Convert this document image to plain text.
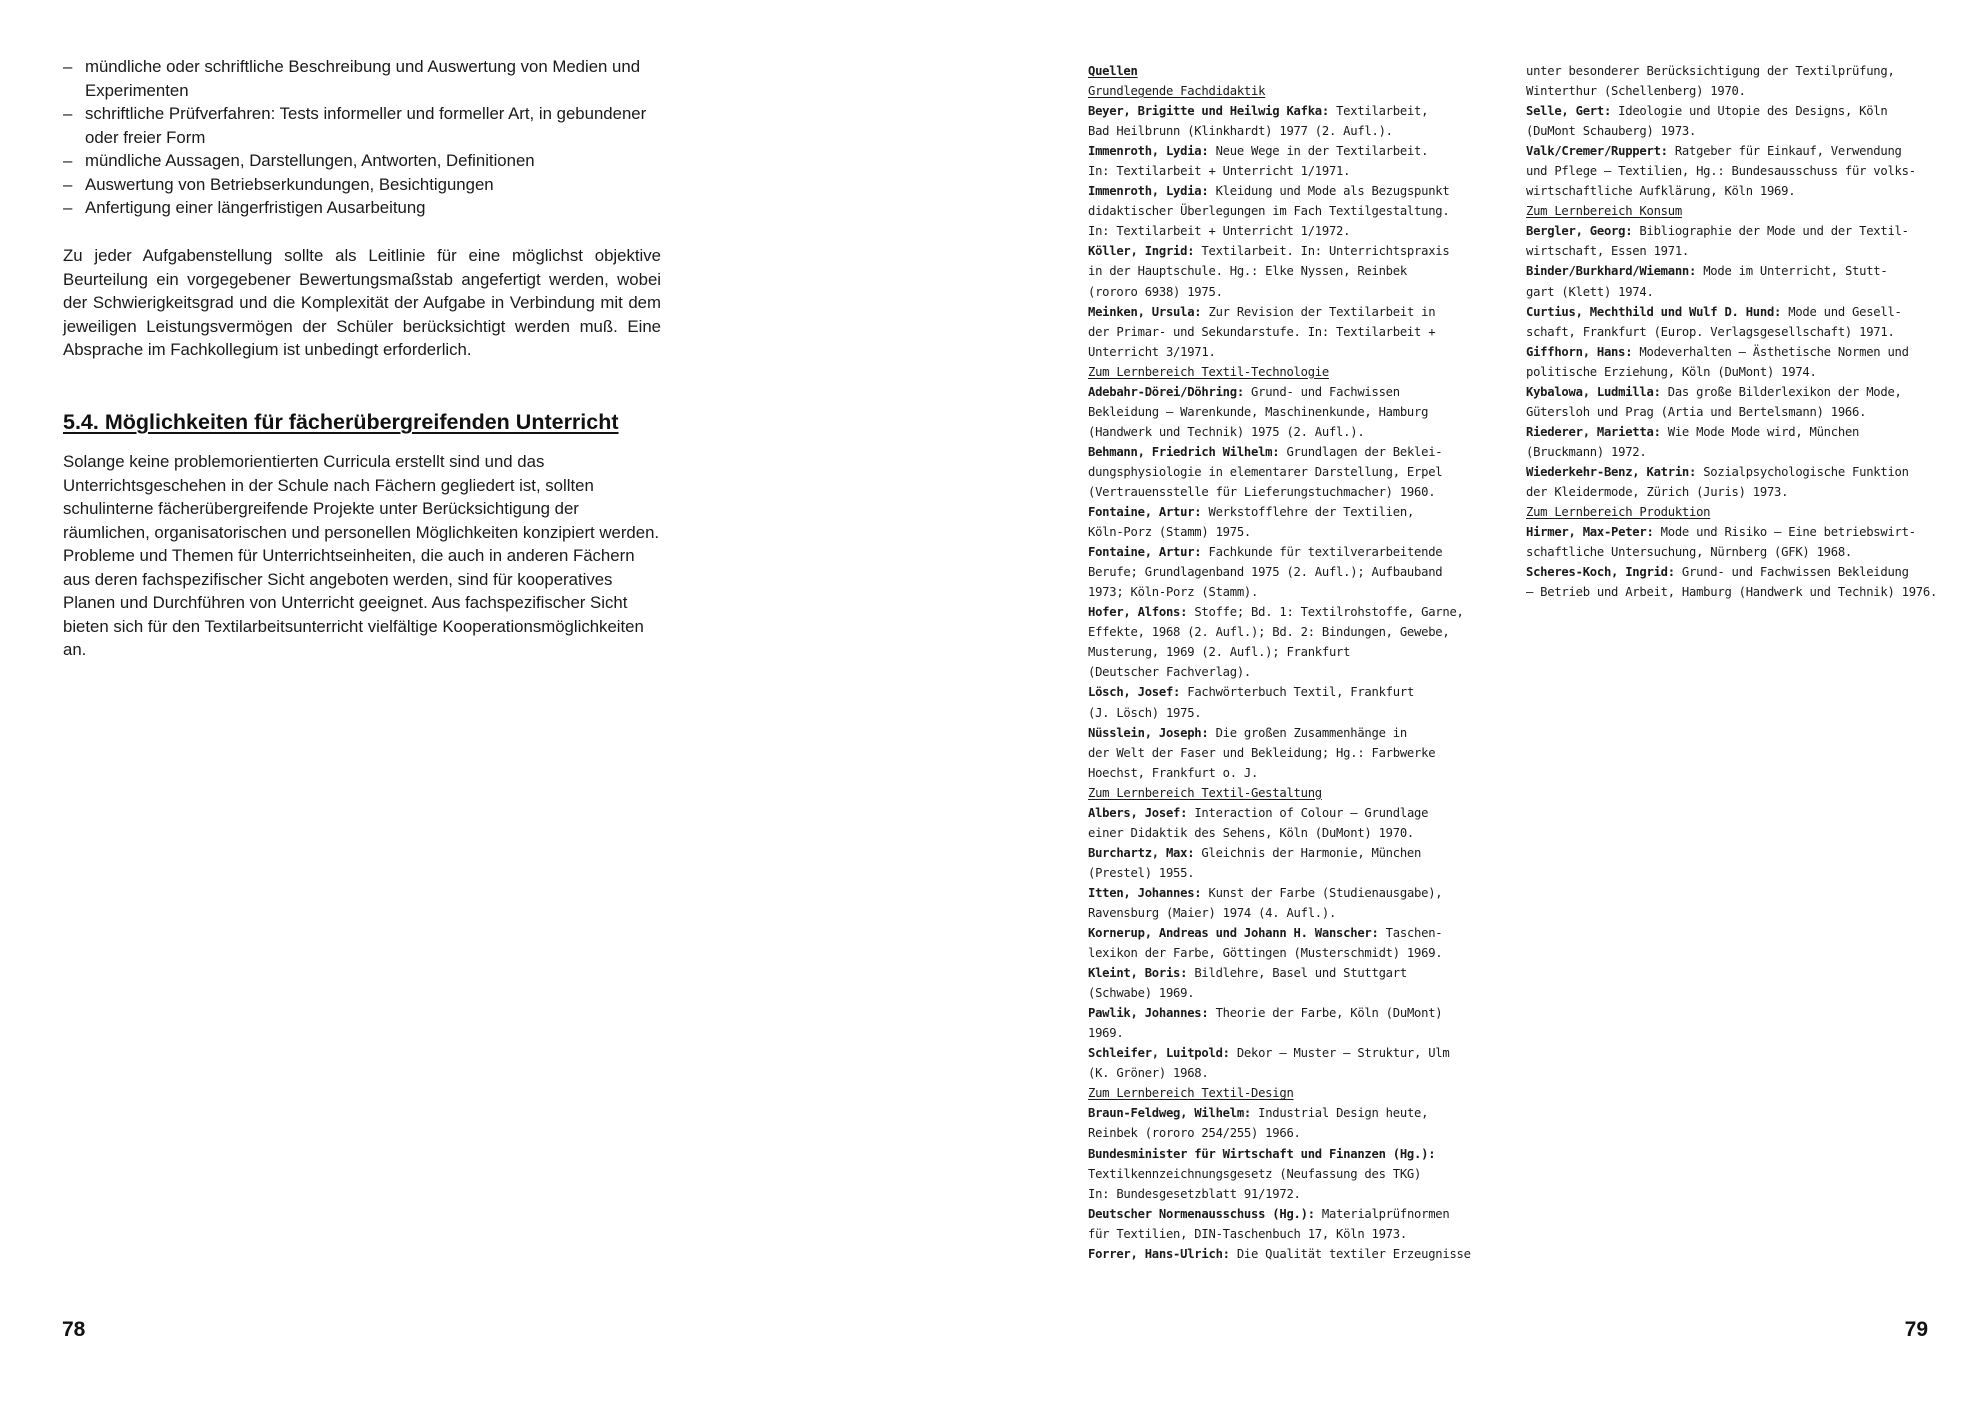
– mündliche oder schriftliche Beschreibung und Auswertung von Medien und Experimenten
– schriftliche Prüfverfahren: Tests informeller und formeller Art, in gebundener oder freier Form
– mündliche Aussagen, Darstellungen, Antworten, Definitionen
– Auswertung von Betriebserkundungen, Besichtigungen
– Anfertigung einer längerfristigen Ausarbeitung
Zu jeder Aufgabenstellung sollte als Leitlinie für eine möglichst objektive Beurteilung ein vorgegebener Bewertungsmaßstab angefertigt werden, wobei der Schwierigkeitsgrad und die Komplexität der Aufgabe in Verbindung mit dem jeweiligen Leistungsvermögen der Schüler berücksichtigt werden muß. Eine Absprache im Fachkollegium ist unbedingt erforderlich.
5.4. Möglichkeiten für fächerübergreifenden Unterricht

Solange keine problemorientierten Curricula erstellt sind und das Unterrichtsgeschehen in der Schule nach Fächern gegliedert ist, sollten schulinterne fächerübergreifende Projekte unter Berücksichtigung der räumlichen, organisatorischen und personellen Möglichkeiten konzipiert werden.

Probleme und Themen für Unterrichtseinheiten, die auch in anderen Fächern aus deren fachspezifischer Sicht angeboten werden, sind für kooperatives Planen und Durchführen von Unterricht geeignet. Aus fachspezifischer Sicht bieten sich für den Textilarbeitsunterricht vielfältige Kooperationsmöglichkeiten an.

78
Quellen
Grundlegende Fachdidaktik
Beyer, Brigitte und Heilwig Kafka: Textilarbeit,
Bad Heilbrunn (Klinkhardt) 1977 (2. Aufl.).
Immenroth, Lydia: Neue Wege in der Textilarbeit.
In: Textilarbeit + Unterricht 1/1971.
Immenroth, Lydia: Kleidung und Mode als Bezugspunkt
didaktischer Überlegungen im Fach Textilgestaltung.
In: Textilarbeit + Unterricht 1/1972.
Köller, Ingrid: Textilarbeit. In: Unterrichtspraxis
in der Hauptschule. Hg.: Elke Nyssen, Reinbek
(rororo 6938) 1975.
Meinken, Ursula: Zur Revision der Textilarbeit in
der Primar- und Sekundarstufe. In: Textilarbeit +
Unterricht 3/1971.
Zum Lernbereich Textil-Technologie
Adebahr-Dörei/Döhring: Grund- und Fachwissen
Bekleidung – Warenkunde, Maschinenkunde, Hamburg
(Handwerk und Technik) 1975 (2. Aufl.).
Behmann, Friedrich Wilhelm: Grundlagen der Beklei-
dungsphysiologie in elementarer Darstellung, Erpel
(Vertrauensstelle für Lieferungstuchmacher) 1960.
Fontaine, Artur: Werkstofflehre der Textilien,
Köln-Porz (Stamm) 1975.
Fontaine, Artur: Fachkunde für textilverarbeitende
Berufe; Grundlagenband 1975 (2. Aufl.); Aufbauband
1973; Köln-Porz (Stamm).
Hofer, Alfons: Stoffe; Bd. 1: Textilrohstoffe, Garne,
Effekte, 1968 (2. Aufl.); Bd. 2: Bindungen, Gewebe,
Musterung, 1969 (2. Aufl.); Frankfurt
(Deutscher Fachverlag).
Lösch, Josef: Fachwörterbuch Textil, Frankfurt
(J. Lösch) 1975.
Nüsslein, Joseph: Die großen Zusammenhänge in
der Welt der Faser und Bekleidung; Hg.: Farbwerke
Hoechst, Frankfurt o. J.
Zum Lernbereich Textil-Gestaltung
Albers, Josef: Interaction of Colour – Grundlage
einer Didaktik des Sehens, Köln (DuMont) 1970.
Burchartz, Max: Gleichnis der Harmonie, München
(Prestel) 1955.
Itten, Johannes: Kunst der Farbe (Studienausgabe),
Ravensburg (Maier) 1974 (4. Aufl.).
Kornerup, Andreas und Johann H. Wanscher: Taschen-
lexikon der Farbe, Göttingen (Musterschmidt) 1969.
Kleint, Boris: Bildlehre, Basel und Stuttgart
(Schwabe) 1969.
Pawlik, Johannes: Theorie der Farbe, Köln (DuMont)
1969.
Schleifer, Luitpold: Dekor – Muster – Struktur, Ulm
(K. Gröner) 1968.
Zum Lernbereich Textil-Design
Braun-Feldweg, Wilhelm: Industrial Design heute,
Reinbek (rororo 254/255) 1966.
Bundesminister für Wirtschaft und Finanzen (Hg.):
Textilkennzeichnungsgesetz (Neufassung des TKG)
In: Bundesgesetzblatt 91/1972.
Deutscher Normenausschuss (Hg.): Materialprüfnormen
für Textilien, DIN-Taschenbuch 17, Köln 1973.
Forrer, Hans-Ulrich: Die Qualität textiler Erzeugnisse
unter besonderer Berücksichtigung der Textilprüfung,
Winterthur (Schellenberg) 1970.
Selle, Gert: Ideologie und Utopie des Designs, Köln
(DuMont Schauberg) 1973.
Valk/Cremer/Ruppert: Ratgeber für Einkauf, Verwendung
und Pflege – Textilien, Hg.: Bundesausschuss für volks-
wirtschaftliche Aufklärung, Köln 1969.
Zum Lernbereich Konsum
Bergler, Georg: Bibliographie der Mode und der Textil-
wirtschaft, Essen 1971.
Binder/Burkhard/Wiemann: Mode im Unterricht, Stutt-
gart (Klett) 1974.
Curtius, Mechthild und Wulf D. Hund: Mode und Gesell-
schaft, Frankfurt (Europ. Verlagsgesellschaft) 1971.
Giffhorn, Hans: Modeverhalten – Ästhetische Normen und
politische Erziehung, Köln (DuMont) 1974.
Kybalowa, Ludmilla: Das große Bilderlexikon der Mode,
Gütersloh und Prag (Artia und Bertelsmann) 1966.
Riederer, Marietta: Wie Mode Mode wird, München
(Bruckmann) 1972.
Wiederkehr-Benz, Katrin: Sozialpsychologische Funktion
der Kleidermode, Zürich (Juris) 1973.
Zum Lernbereich Produktion
Hirmer, Max-Peter: Mode und Risiko – Eine betriebswirt-
schaftliche Untersuchung, Nürnberg (GFK) 1968.
Scheres-Koch, Ingrid: Grund- und Fachwissen Bekleidung
– Betrieb und Arbeit, Hamburg (Handwerk und Technik) 1976.
79
